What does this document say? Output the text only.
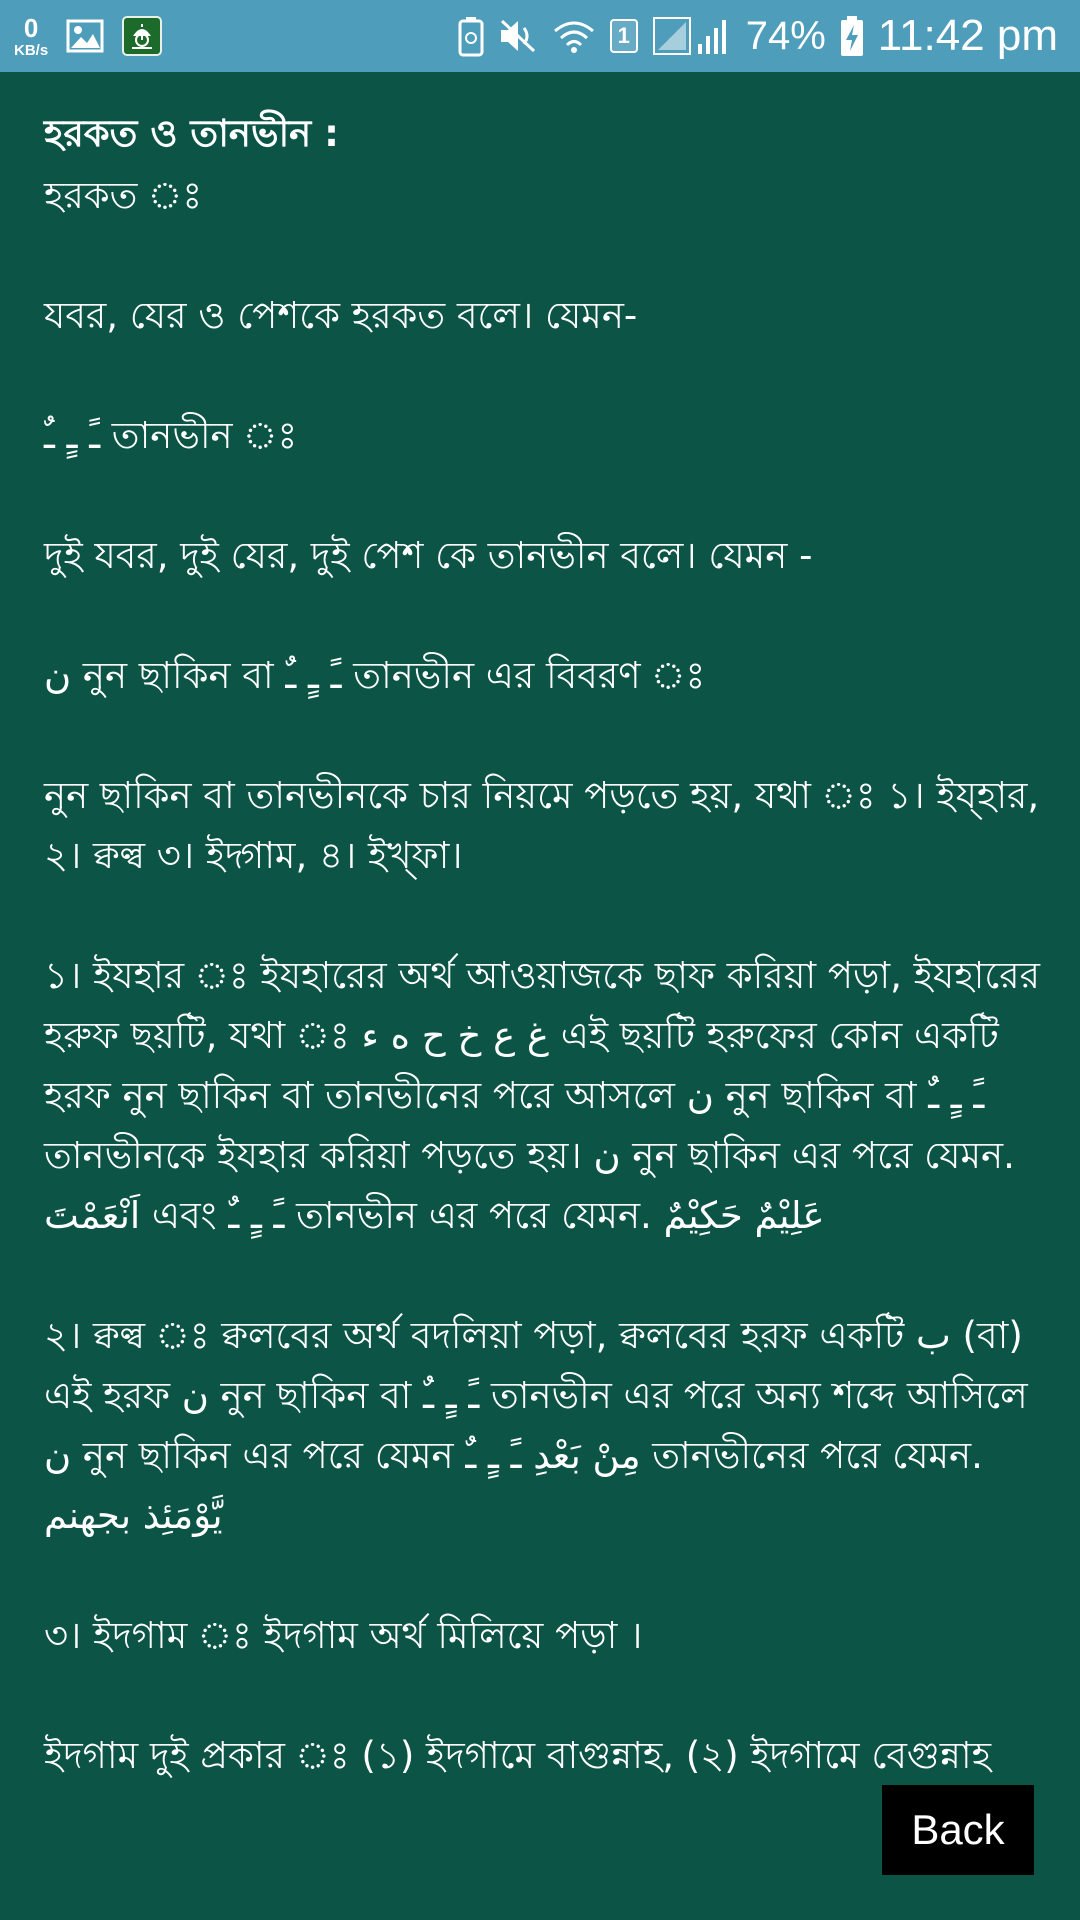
0
KB/s
1	74% 11:42 pm
হরকত ও তানভীন :

হরকত ঃ

যবর, যের ও পেশকে হরকত বলে। যেমন-

ـً ـٍ ـٌ তানভীন ঃ

দুই যবর, দুই যের, দুই পেশ কে তানভীন বলে। যেমন -

ن নুন ছাকিন বা ـً ـٍ ـٌ তানভীন এর বিবরণ ঃ

নুন ছাকিন বা তানভীনকে চার নিয়মে পড়তে হয়, যথা ঃ ১। ইয্হার, ২। ক্বল্ব ৩। ইদ্গাম, ৪। ইখ্ফা।

১। ইযহার ঃ ইযহারের অর্থ আওয়াজকে ছাফ করিয়া পড়া, ইযহারের হরুফ ছয়টি, যথা ঃ غ ع خ ح ه ء এই ছয়টি হরুফের কোন একটি হরফ নুন ছাকিন বা তানভীনের পরে আসলে ن নুন ছাকিন বা ـً ـٍ ـٌ তানভীনকে ইযহার করিয়া পড়তে হয়। ن নুন ছাকিন এর পরে যেমন. اَنْعَمْتَ এবং ـً ـٍ ـٌ তানভীন এর পরে যেমন. عَلِيْمٌ حَكِيْمٌ

২। ক্বল্ব ঃ ক্বলবের অর্থ বদলিয়া পড়া, ক্বলবের হরফ একটি ب (বা) এই হরফ ن নুন ছাকিন বা ـً ـٍ ـٌ তানভীন এর পরে অন্য শব্দে আসিলে ن নুন ছাকিন এর পরে যেমন مِنْ بَعْدِ ـً ـٍ ـٌ তানভীনের পরে যেমন. يَّوْمَئِذ بجهنم

৩। ইদগাম ঃ ইদগাম অর্থ মিলিয়ে পড়া ।

ইদগাম দুই প্রকার ঃ (১) ইদগামে বাগুন্নাহ, (২) ইদগামে বেগুন্নাহ

Back
